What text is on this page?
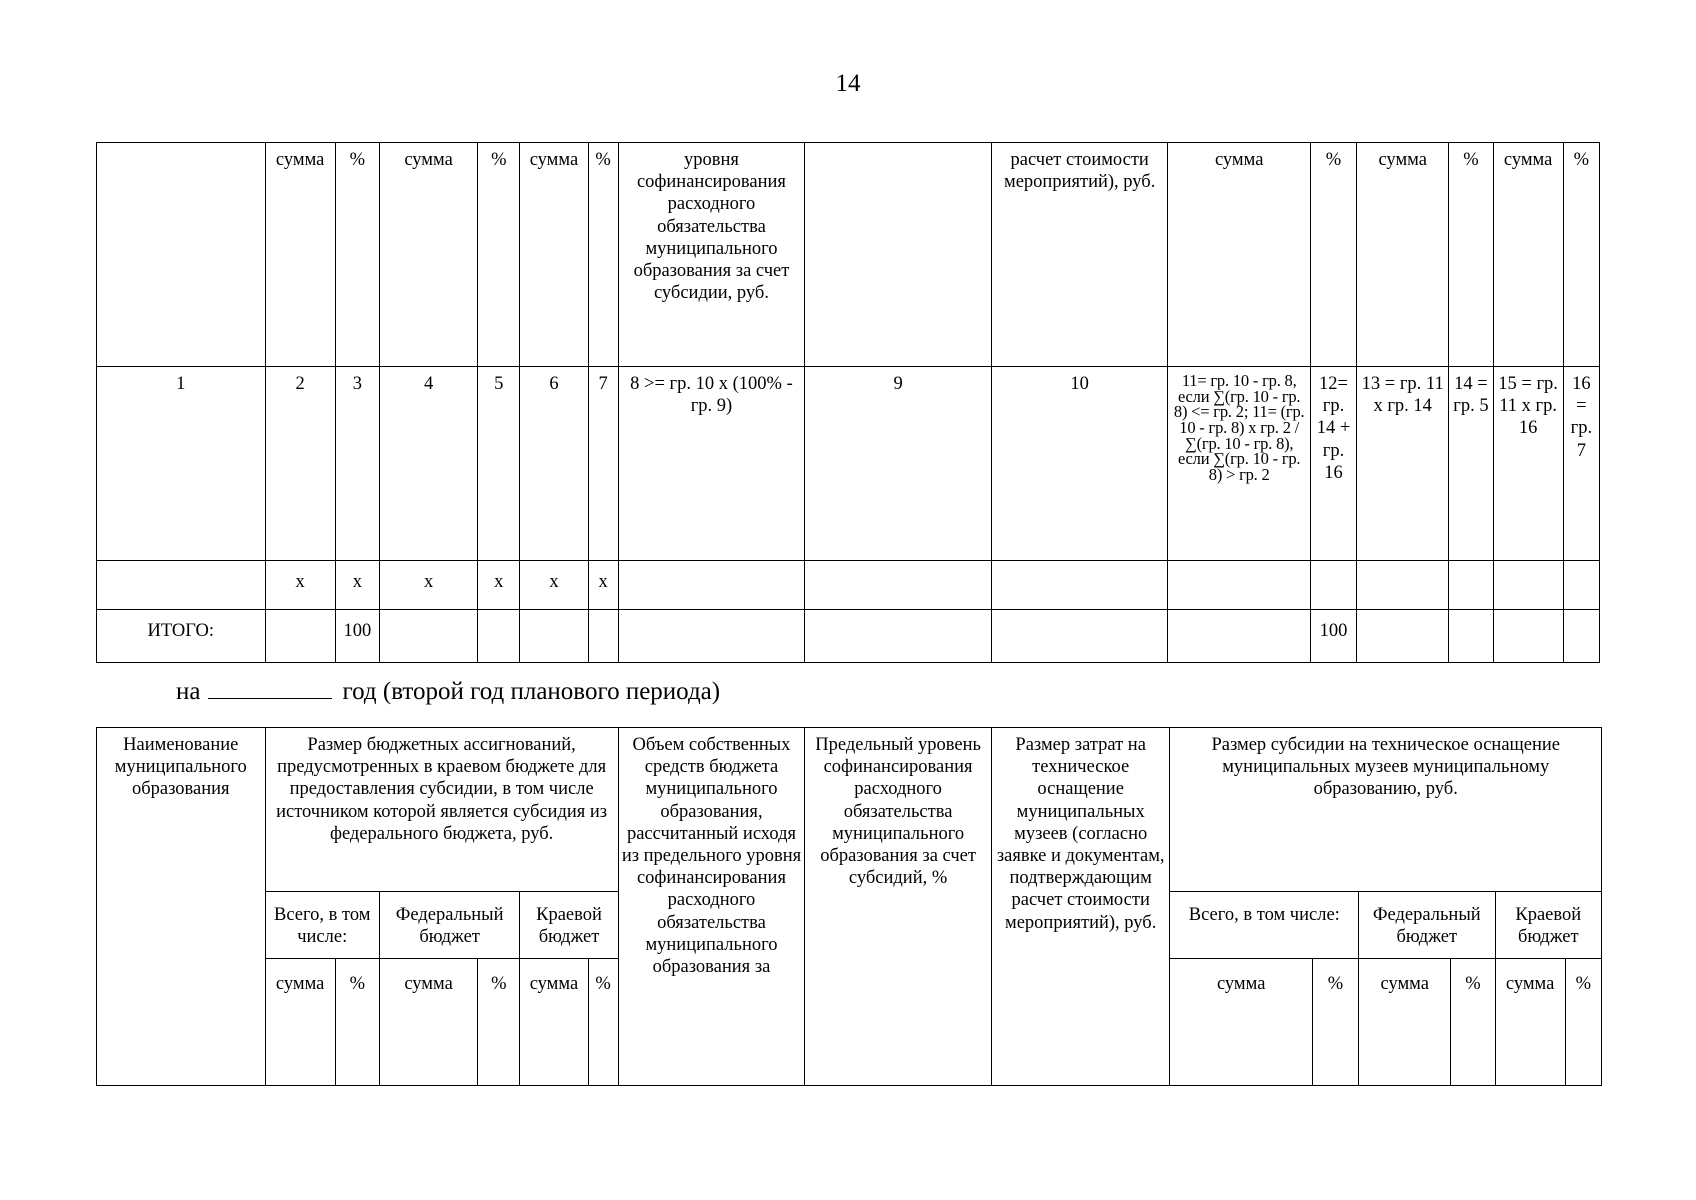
14
	сумма	%	сумма	%	сумма	%	уровня софинансирования расходного обязательства муниципального образования за счет субсидии, руб.		расчет стоимости мероприятий), руб.	сумма	%	сумма	%	сумма	%
1	2	3	4	5	6	7	8 >= гр. 10 х (100% - гр. 9)	9	10	11= гр. 10 - гр. 8, если ∑(гр. 10 - гр. 8) <= гр. 2; 11= (гр. 10 - гр. 8) х гр. 2 / ∑(гр. 10 - гр. 8), если ∑(гр. 10 - гр. 8) > гр. 2	12= гр. 14 + гр. 16	13 = гр. 11 х гр. 14	14 = гр. 5	15 = гр. 11 х гр. 16	16 = гр. 7
	х	х	х	х	х	х									
ИТОГО:		100									100				
на	год (второй год планового периода)
Наименование муниципального образования	Размер бюджетных ассигнований, предусмотренных в краевом бюджете для предоставления субсидии, в том числе источником которой является субсидия из федерального бюджета, руб.						Объем собственных средств бюджета муниципального образования, рассчитанный исходя из предельного уровня софинансирования расходного обязательства муниципального образования за	Предельный уровень софинансирования расходного обязательства муниципального образования за счет субсидий, %	Размер затрат на техническое оснащение муниципальных музеев (согласно заявке и документам, подтверждающим расчет стоимости мероприятий), руб.	Размер субсидии на техническое оснащение муниципальных музеев муниципальному образованию, руб.					
	Всего, в том числе:		Федеральный бюджет		Краевой бюджет					Всего, в том числе:		Федеральный бюджет		Краевой бюджет	
	сумма	%	сумма	%	сумма	%				сумма	%	сумма	%	сумма	%
